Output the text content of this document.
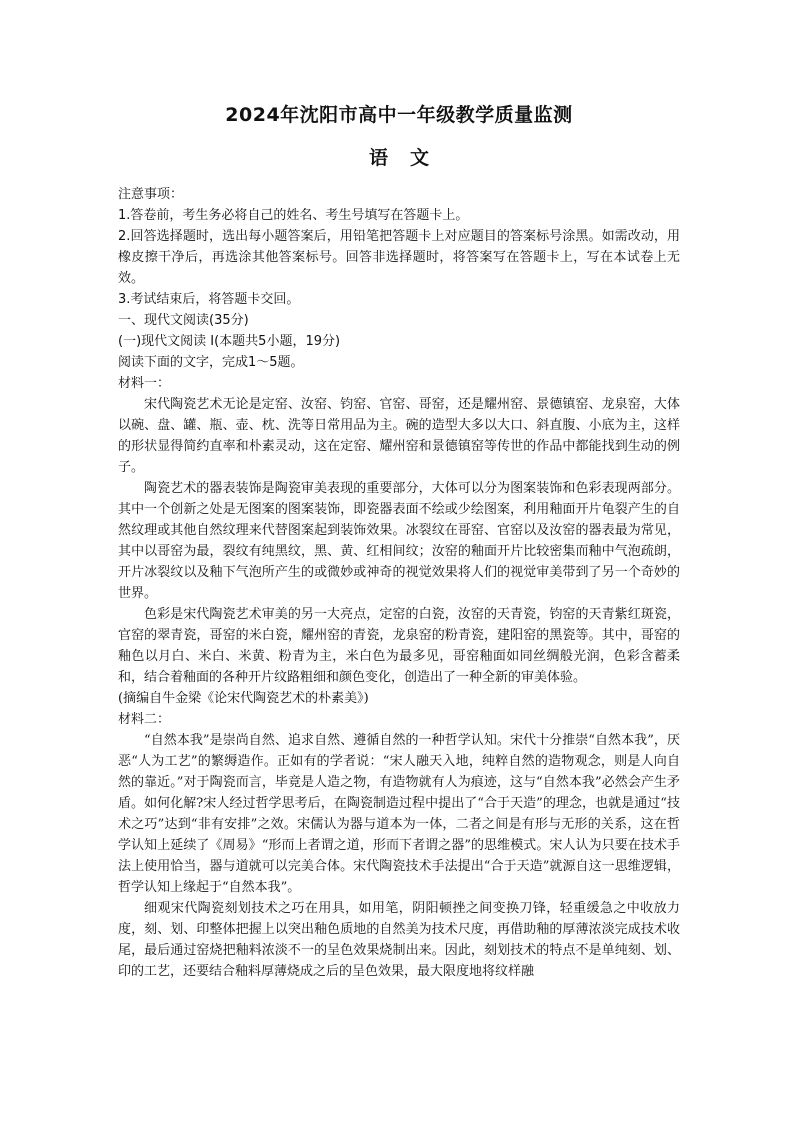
2024年沈阳市高中一年级教学质量监测
语文

注意事项：

1.答卷前，考生务必将自己的姓名、考生号填写在答题卡上。

2.回答选择题时，选出每小题答案后，用铅笔把答题卡上对应题目的答案标号涂黑。如需改动，用橡皮擦干净后，再选涂其他答案标号。回答非选择题时，将答案写在答题卡上，写在本试卷上无效。

3.考试结束后，将答题卡交回。

一、现代文阅读(35分)

(一)现代文阅读 I(本题共5小题，19分)

阅读下面的文字，完成1～5题。

材料一：

宋代陶瓷艺术无论是定窑、汝窑、钧窑、官窑、哥窑，还是耀州窑、景德镇窑、龙泉窑，大体以碗、盘、罐、瓶、壶、枕、洗等日常用品为主。碗的造型大多以大口、斜直腹、小底为主，这样的形状显得简约直率和朴素灵动，这在定窑、耀州窑和景德镇窑等传世的作品中都能找到生动的例子。

陶瓷艺术的器表装饰是陶瓷审美表现的重要部分，大体可以分为图案装饰和色彩表现两部分。其中一个创新之处是无图案的图案装饰，即瓷器表面不绘或少绘图案，利用釉面开片龟裂产生的自然纹理或其他自然纹理来代替图案起到装饰效果。冰裂纹在哥窑、官窑以及汝窑的器表最为常见，其中以哥窑为最，裂纹有纯黑纹，黑、黄、红相间纹；汝窑的釉面开片比较密集而釉中气泡疏朗，开片冰裂纹以及釉下气泡所产生的或微妙或神奇的视觉效果将人们的视觉审美带到了另一个奇妙的世界。

色彩是宋代陶瓷艺术审美的另一大亮点，定窑的白瓷，汝窑的天青瓷，钧窑的天青紫红斑瓷，官窑的翠青瓷，哥窑的米白瓷，耀州窑的青瓷，龙泉窑的粉青瓷，建阳窑的黑瓷等。其中，哥窑的釉色以月白、米白、米黄、粉青为主，米白色为最多见，哥窑釉面如同丝绸般光润，色彩含蓄柔和，结合着釉面的各种开片纹路粗细和颜色变化，创造出了一种全新的审美体验。

(摘编自牛金梁《论宋代陶瓷艺术的朴素美》)

材料二：

“自然本我”是崇尚自然、追求自然、遵循自然的一种哲学认知。宋代十分推崇“自然本我”，厌恶“人为工艺”的繁缛造作。正如有的学者说：“宋人融天入地，纯粹自然的造物观念，则是人向自然的靠近。”对于陶瓷而言，毕竟是人造之物，有造物就有人为痕迹，这与“自然本我”必然会产生矛盾。如何化解?宋人经过哲学思考后，在陶瓷制造过程中提出了“合于天造”的理念，也就是通过“技术之巧”达到“非有安排”之效。宋儒认为器与道本为一体，二者之间是有形与无形的关系，这在哲学认知上延续了《周易》“形而上者谓之道，形而下者谓之器”的思维模式。宋人认为只要在技术手法上使用恰当，器与道就可以完美合体。宋代陶瓷技术手法提出“合于天造”就源自这一思维逻辑，哲学认知上缘起于“自然本我”。

细观宋代陶瓷刻划技术之巧在用具，如用笔，阴阳顿挫之间变换刀锋，轻重缓急之中收放力度，刻、划、印整体把握上以突出釉色质地的自然美为技术尺度，再借助釉的厚薄浓淡完成技术收尾，最后通过窑烧把釉料浓淡不一的呈色效果烧制出来。因此，刻划技术的特点不是单纯刻、划、印的工艺，还要结合釉料厚薄烧成之后的呈色效果，最大限度地将纹样融
